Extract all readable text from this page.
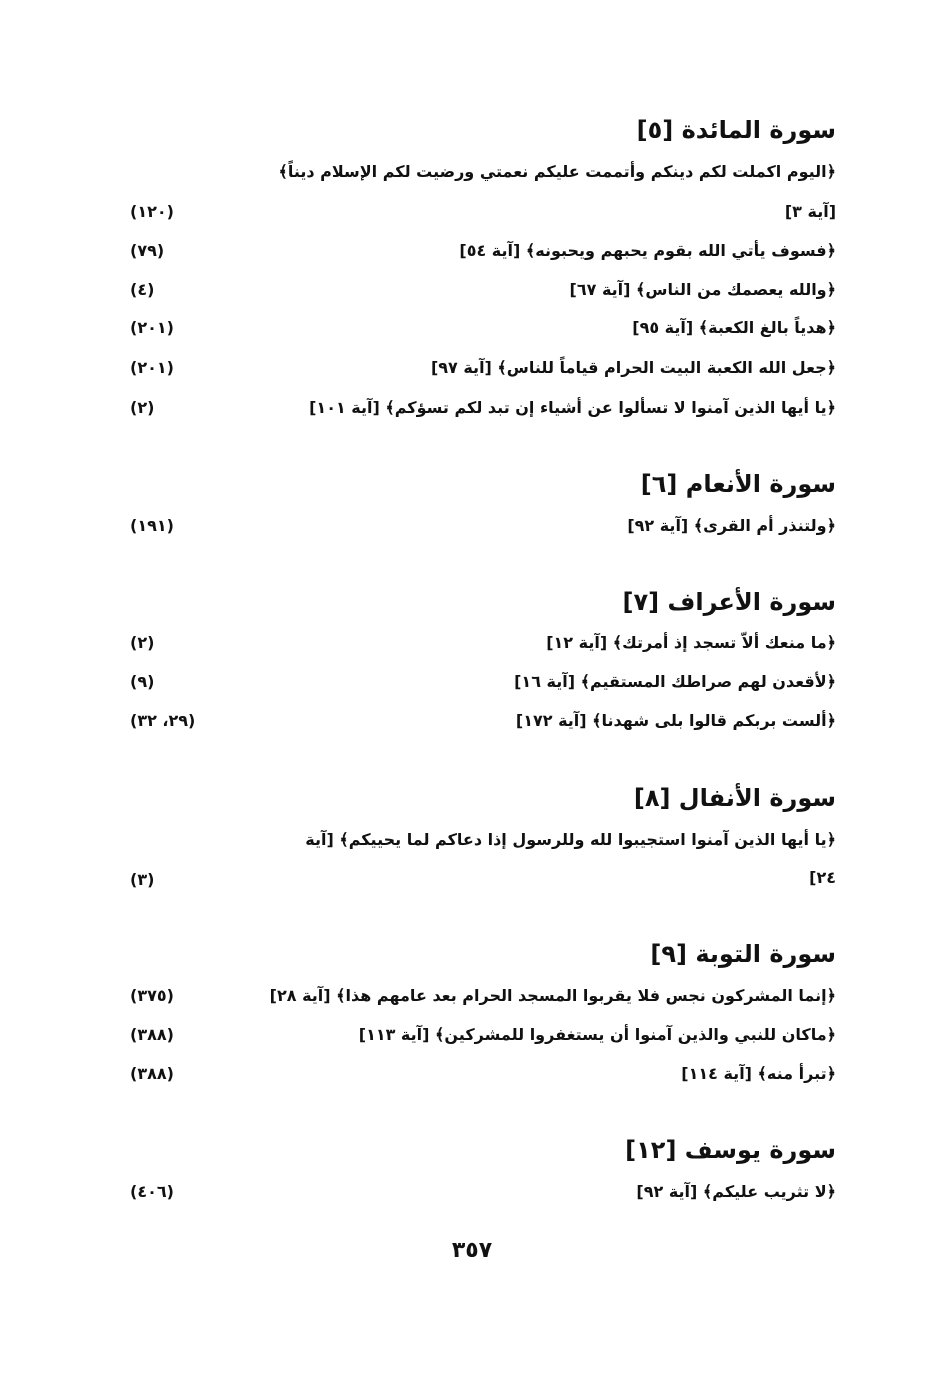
سورة المائدة [٥]
﴿اليوم اكملت لكم دينكم وأتممت عليكم نعمتي ورضيت لكم الإسلام ديناً﴾
[آية ٣]
(١٢٠)
﴿فسوف يأتي الله بقوم يحبهم ويحبونه﴾ [آية ٥٤]
(٧٩)
﴿والله يعصمك من الناس﴾ [آية ٦٧]
(٤)
﴿هدياً بالغ الكعبة﴾ [آية ٩٥]
(٢٠١)
﴿جعل الله الكعبة البيت الحرام قياماً للناس﴾ [آية ٩٧]
(٢٠١)
﴿يا أيها الذين آمنوا لا تسألوا عن أشياء إن تبد لكم تسؤكم﴾ [آية ١٠١]
(٢)
سورة الأنعام [٦]
﴿ولتنذر أم القرى﴾ [آية ٩٢]
(١٩١)
سورة الأعراف [٧]
﴿ما منعك ألاّ تسجد إذ أمرتك﴾ [آية ١٢]
(٢)
﴿لأقعدن لهم صراطك المستقيم﴾ [آية ١٦]
(٩)
﴿ألست بربكم قالوا بلى شهدنا﴾ [آية ١٧٢]
(٢٩، ٣٢)
سورة الأنفال [٨]
﴿يا أيها الذين آمنوا استجيبوا لله وللرسول إذا دعاكم لما يحييكم﴾ [آية
٢٤]
(٣)
سورة التوبة [٩]
﴿إنما المشركون نجس فلا يقربوا المسجد الحرام بعد عامهم هذا﴾ [آية ٢٨]
(٣٧٥)
﴿ماكان للنبي والذين آمنوا أن يستغفروا للمشركين﴾ [آية ١١٣]
(٣٨٨)
﴿تبرأ منه﴾ [آية ١١٤]
(٣٨٨)
سورة يوسف [١٢]
﴿لا تثريب عليكم﴾ [آية ٩٢]
(٤٠٦)
٣٥٧
